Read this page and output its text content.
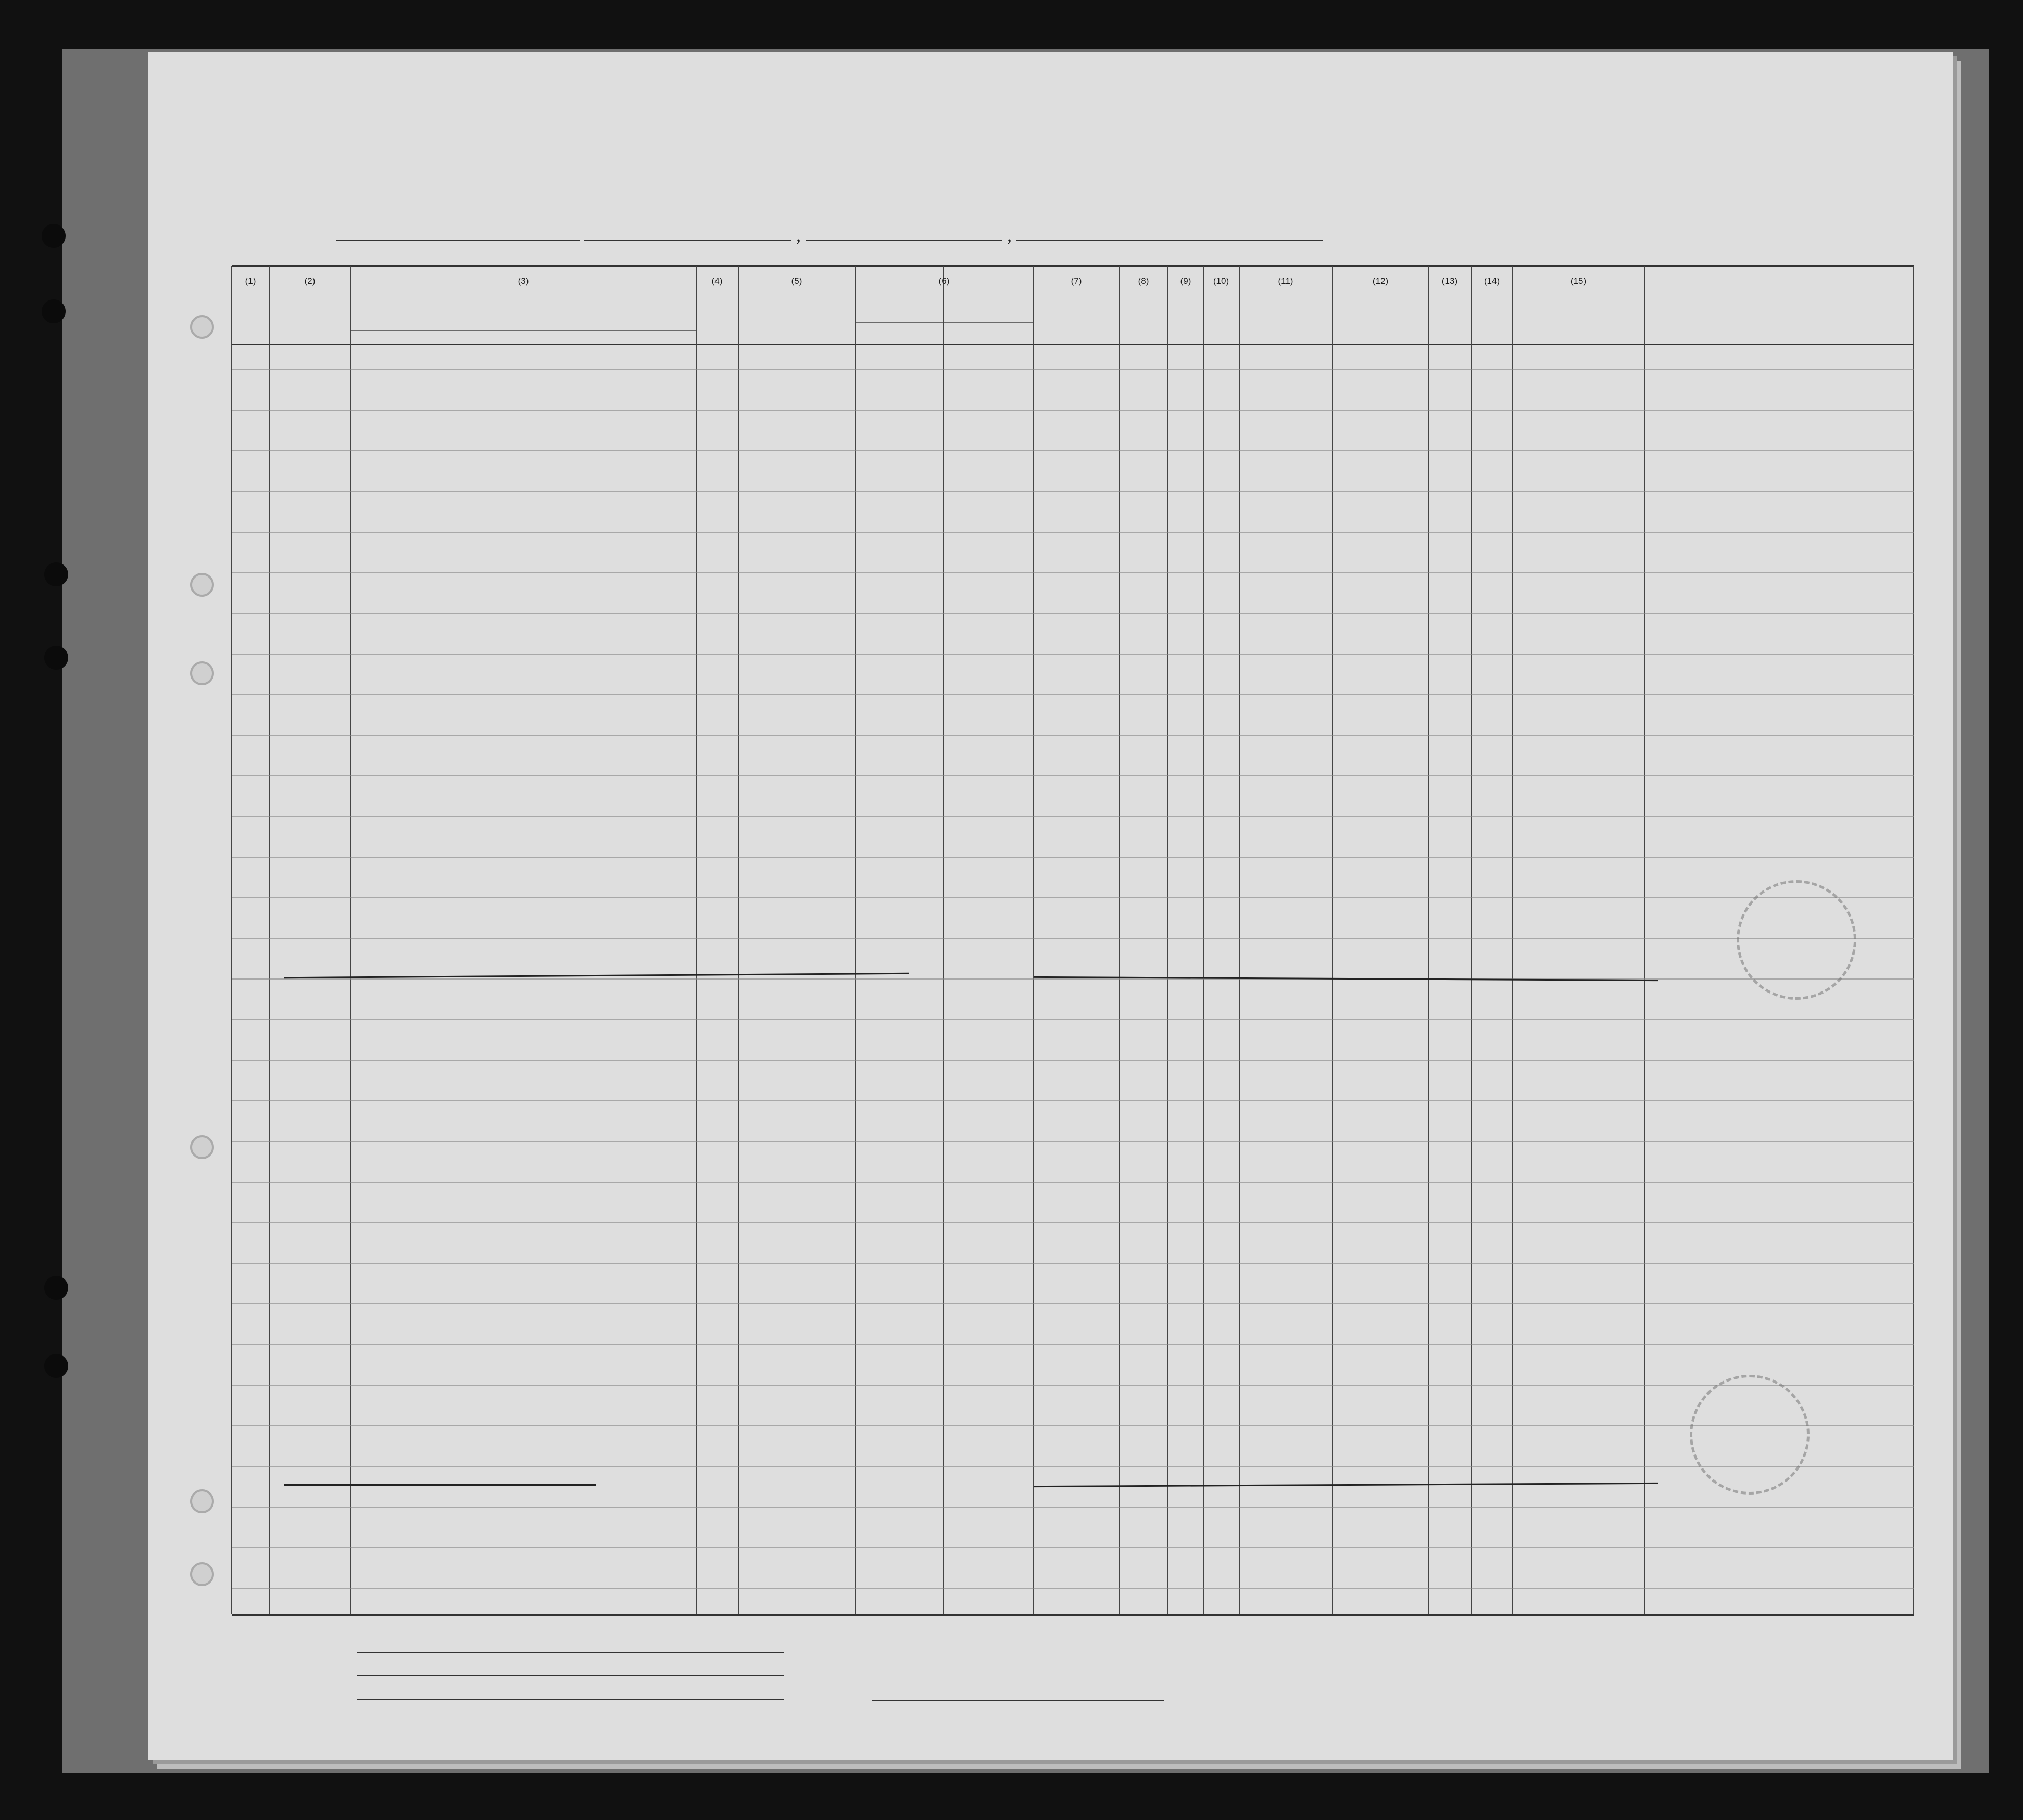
,	,
(1)	(2)	(3)	(4)	(5)	(6)	(7)	(8)	(9)	(10)	(11)	(12)	(13)	(14)	(15)
